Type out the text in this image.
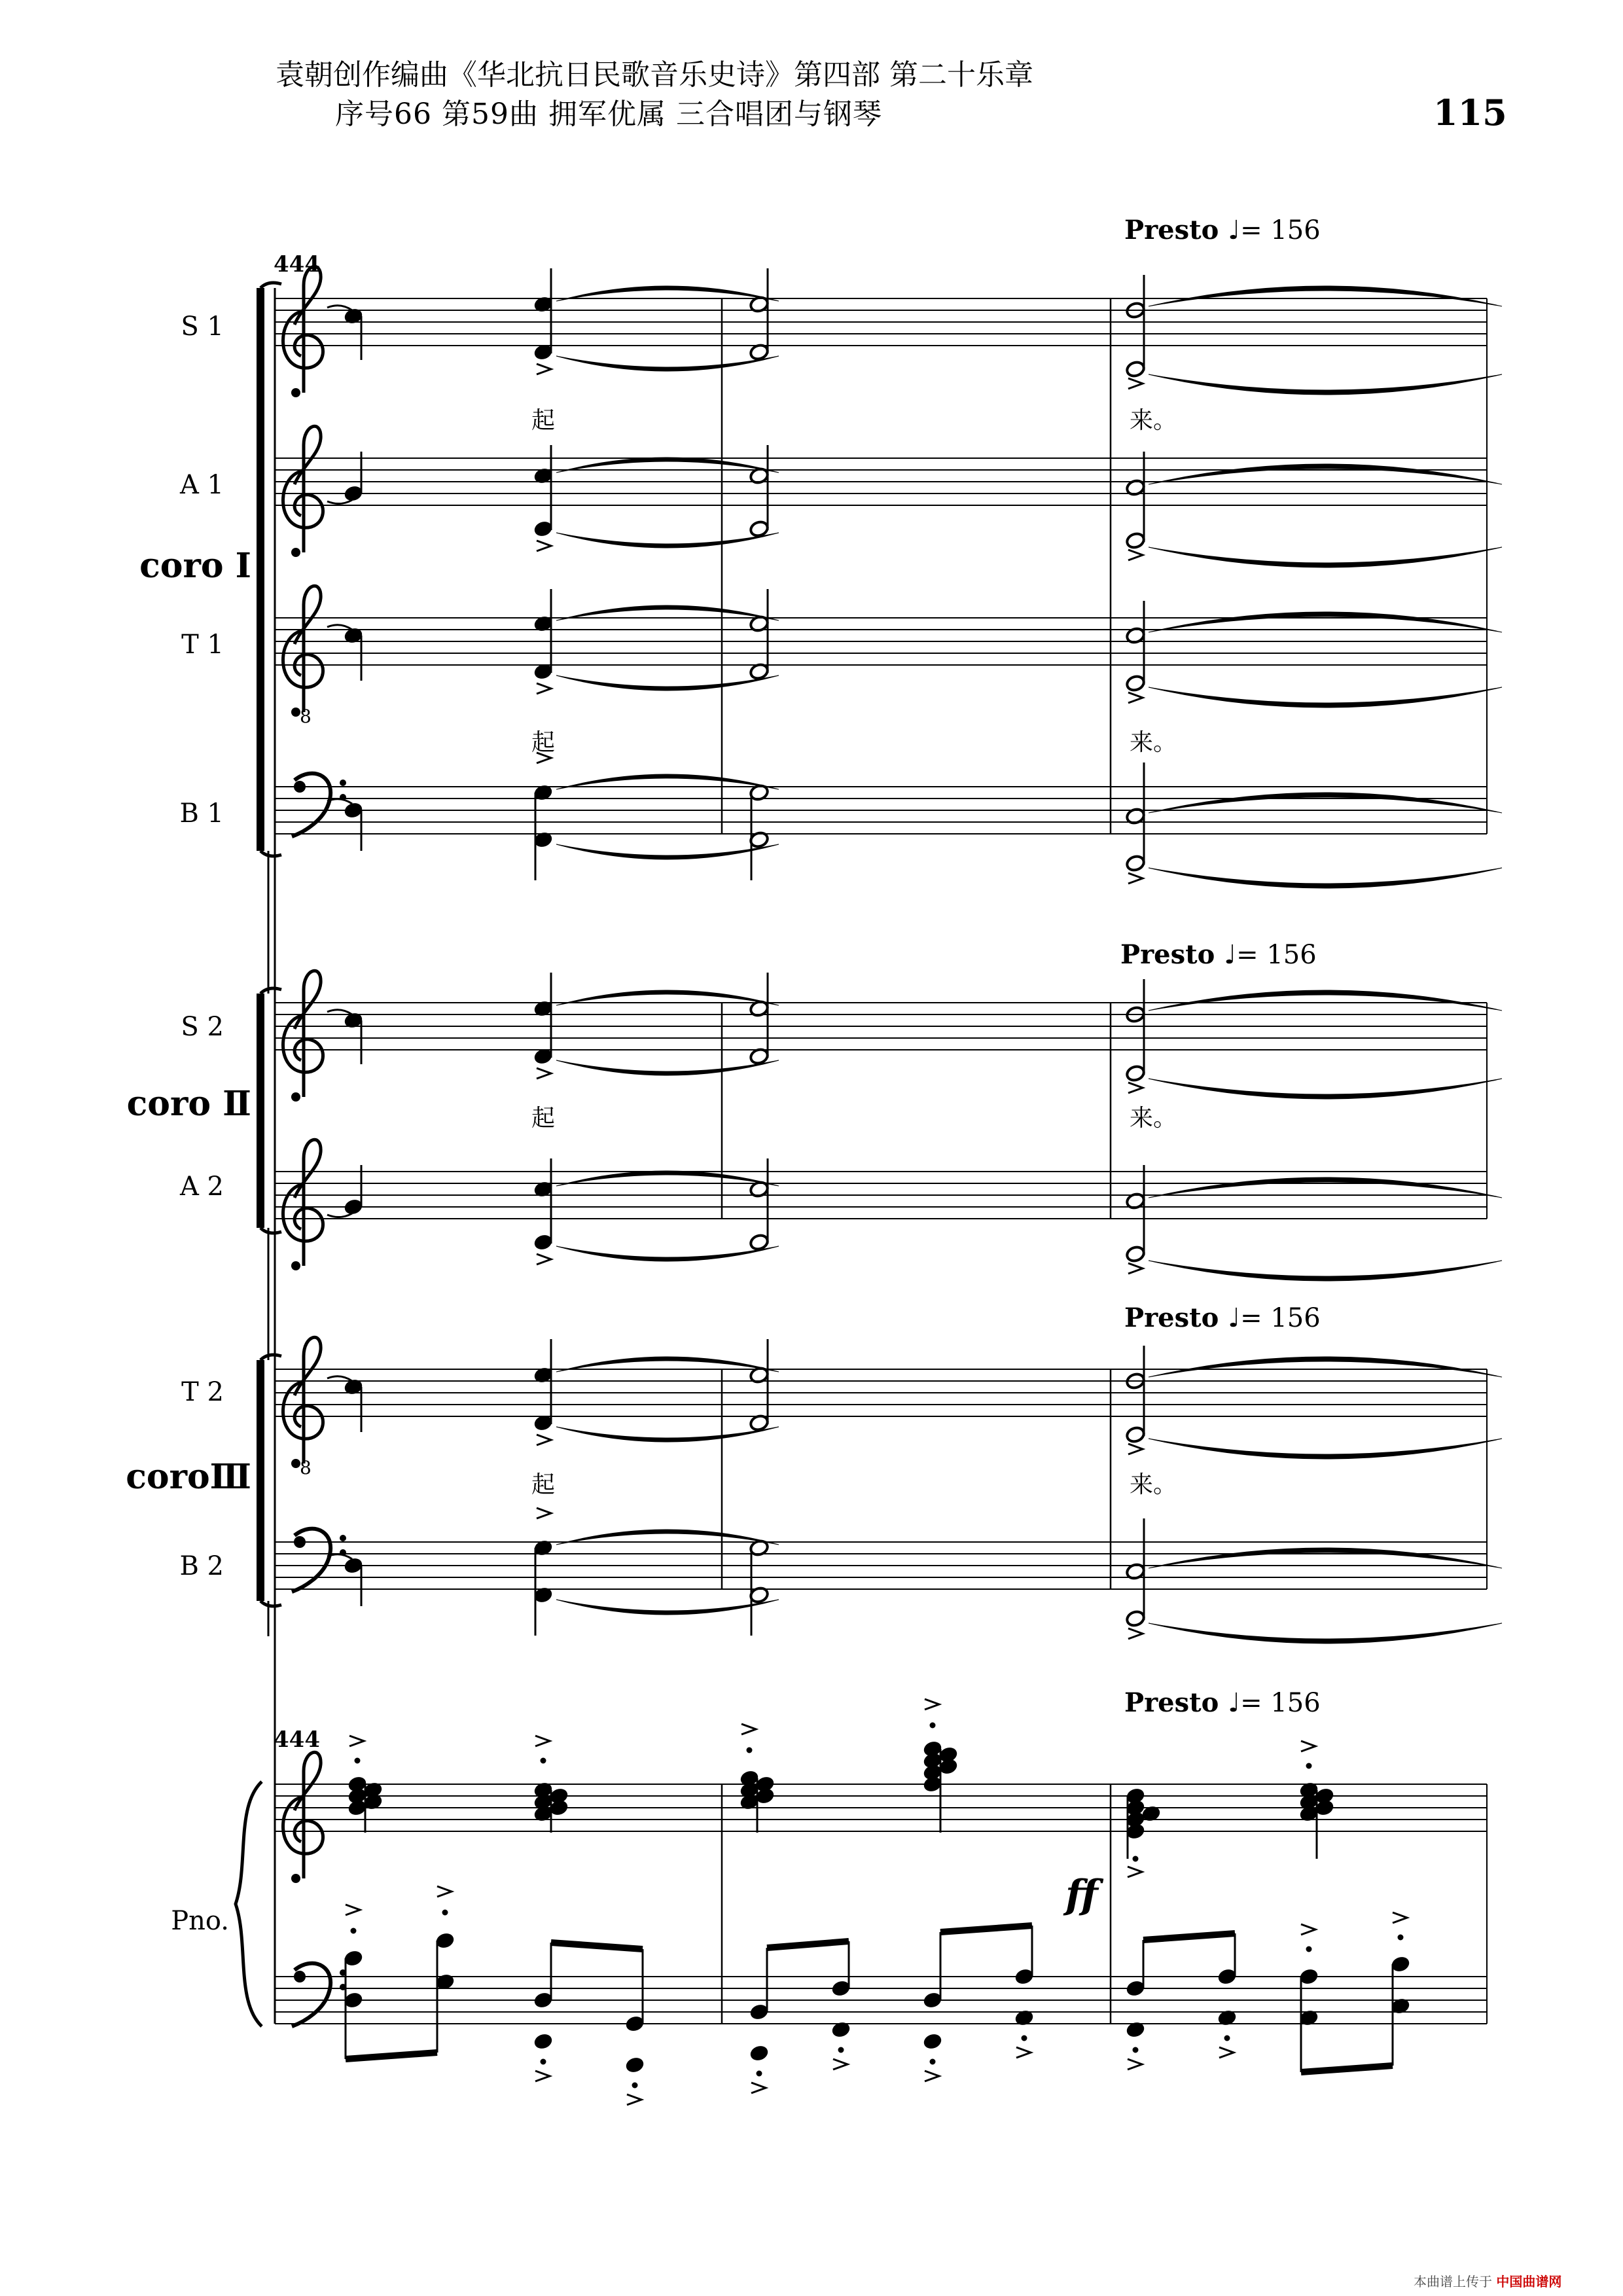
袁朝创作编曲《华北抗日民歌音乐史诗》第四部 第二十乐章
序号66 第59曲 拥军优属 三合唱团与钢琴	115
8
8
444
444
Presto ♩= 156
Presto ♩= 156
Presto ♩= 156
Presto ♩= 156
S 1
A 1
T 1
B 1
S 2
A 2
T 2
B 2
Pno.
coro Ⅰ
coro Ⅱ
coroⅢ
起	来。
起	来。
起	来。
起	来。
ff
本曲谱上传于 中国曲谱网
